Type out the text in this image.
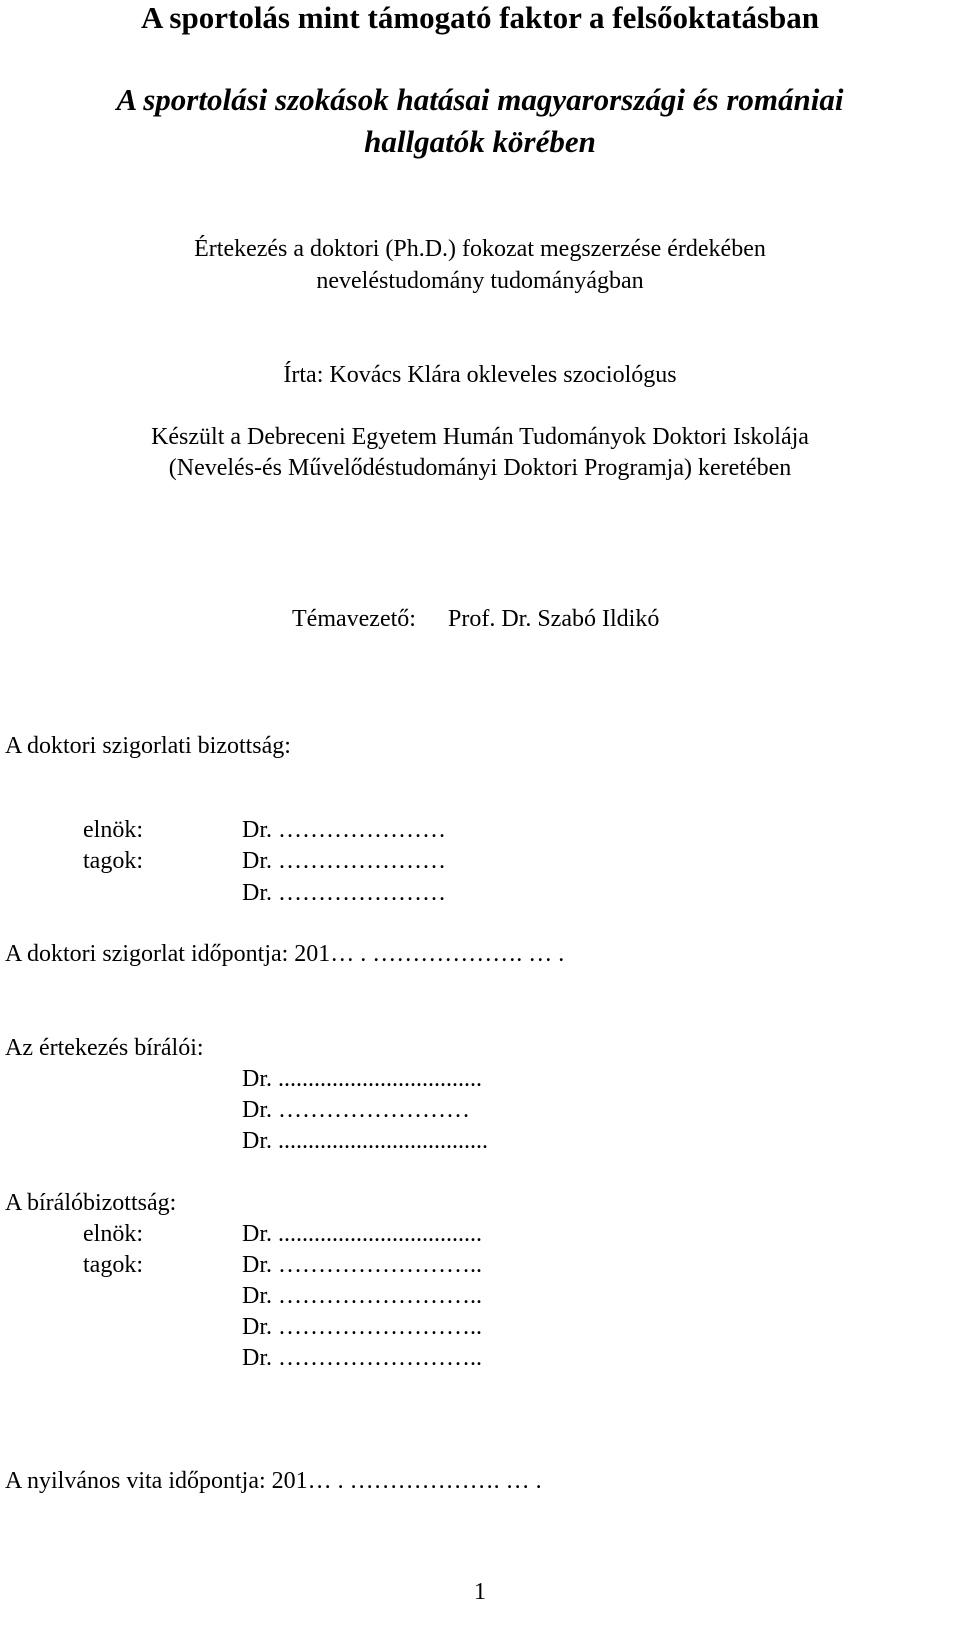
A sportolás mint támogató faktor a felsőoktatásban
A sportolási szokások hatásai magyarországi és romániai
hallgatók körében
Értekezés a doktori (Ph.D.) fokozat megszerzése érdekében
neveléstudomány tudományágban
Írta: Kovács Klára okleveles szociológus
Készült a Debreceni Egyetem Humán Tudományok Doktori Iskolája
(Nevelés-és Művelődéstudományi Doktori Programja) keretében
Témavezető: Prof. Dr. Szabó Ildikó
A doktori szigorlati bizottság:
elnök:	Dr. …………………
tagok:	Dr. …………………
Dr. …………………
A doktori szigorlat időpontja: 201… . ………………. … .
Az értekezés bírálói:
Dr. ..................................
Dr. ……………………
Dr. ...................................
A bírálóbizottság:
elnök:	Dr. ..................................
tagok:	Dr. ……………………..
Dr. ……………………..
Dr. ……………………..
Dr. ……………………..
A nyilvános vita időpontja: 201… . ………………. … .
1
